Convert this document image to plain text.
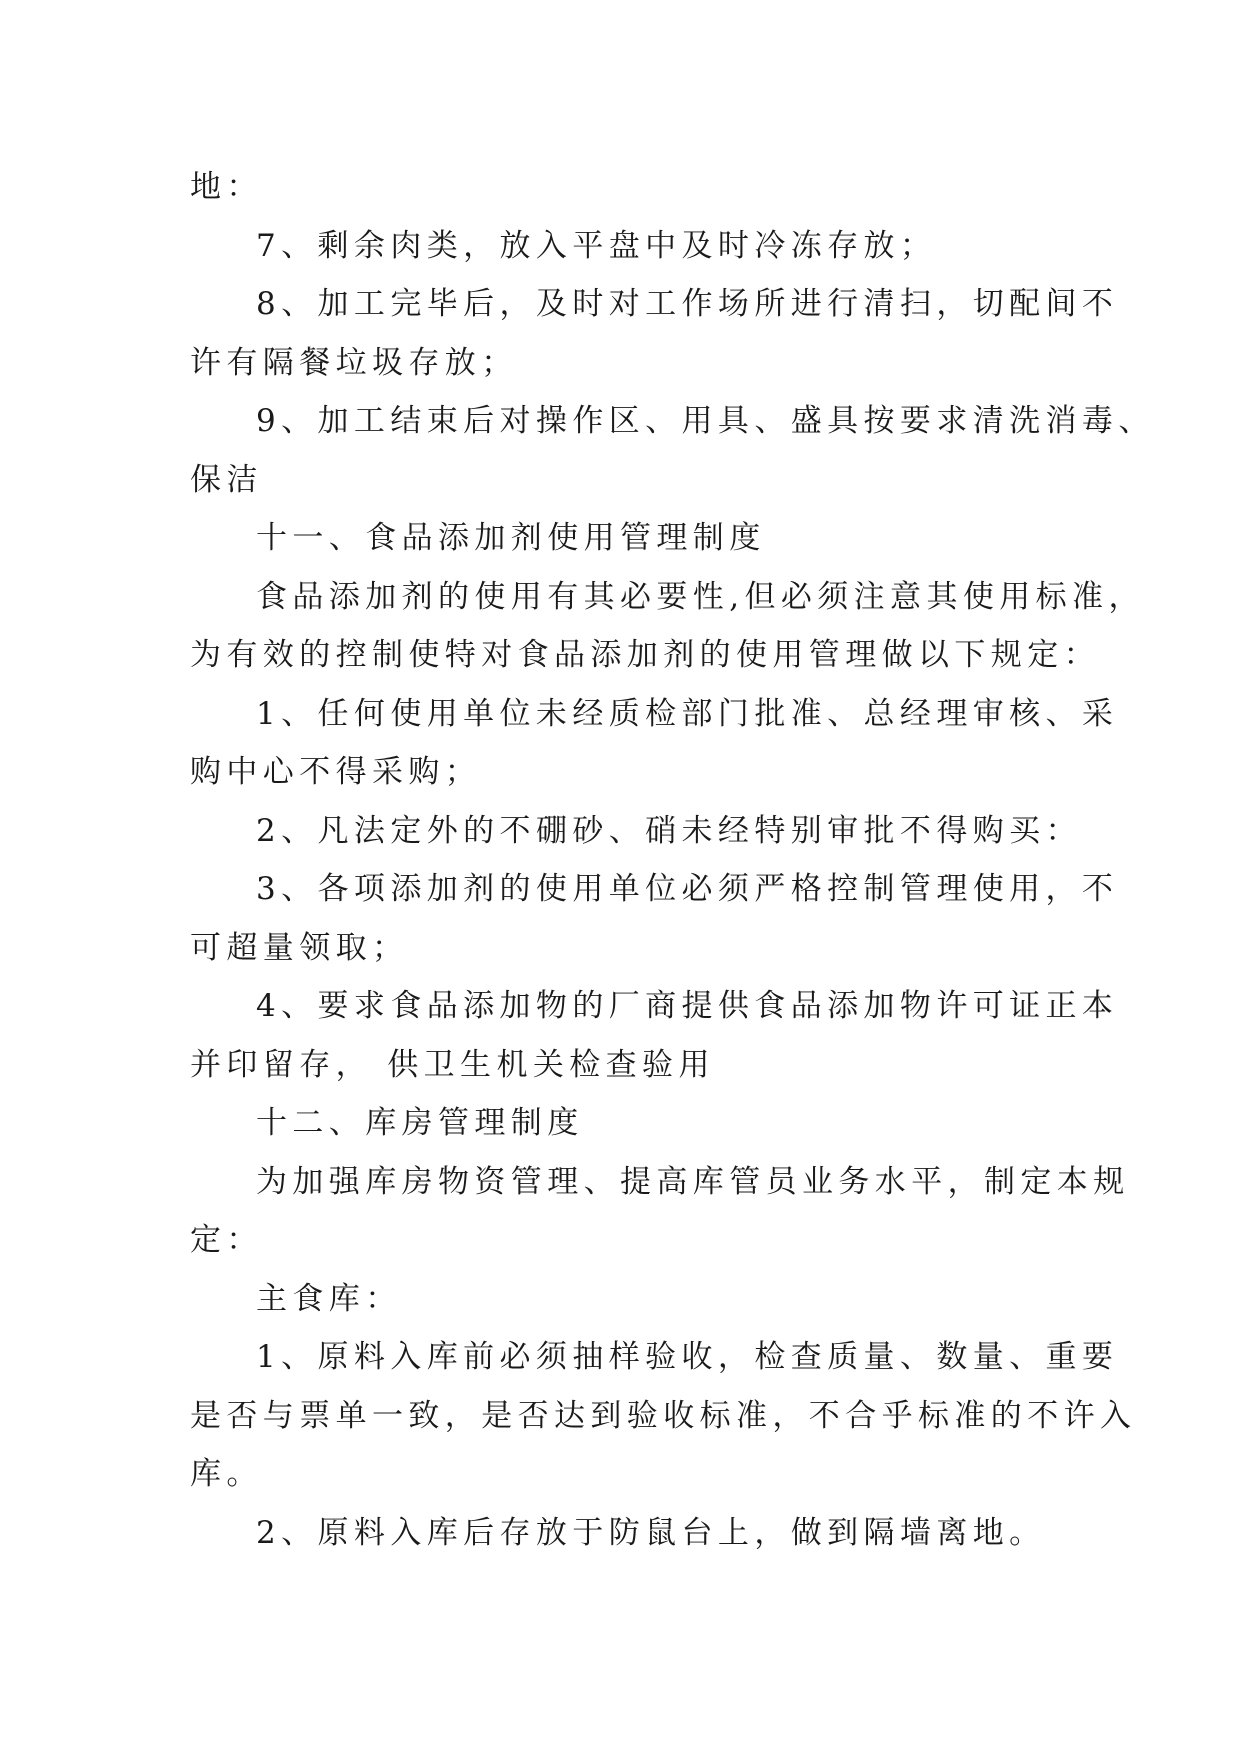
地：

7、剩余肉类，放入平盘中及时冷冻存放；

8、加工完毕后，及时对工作场所进行清扫，切配间不

许有隔餐垃圾存放；

9、加工结束后对操作区、用具、盛具按要求清洗消毒、

保洁

十一、食品添加剂使用管理制度

食品添加剂的使用有其必要性,但必须注意其使用标准，

为有效的控制使特对食品添加剂的使用管理做以下规定：

1、任何使用单位未经质检部门批准、总经理审核、采

购中心不得采购；

2、凡法定外的不硼砂、硝未经特别审批不得购买：

3、各项添加剂的使用单位必须严格控制管理使用，不

可超量领取；

4、要求食品添加物的厂商提供食品添加物许可证正本

并印留存， 供卫生机关检查验用

十二、库房管理制度

为加强库房物资管理、提高库管员业务水平，制定本规

定：

主食库：

1、原料入库前必须抽样验收，检查质量、数量、重要

是否与票单一致，是否达到验收标准，不合乎标准的不许入

库。

2、原料入库后存放于防鼠台上，做到隔墙离地。
